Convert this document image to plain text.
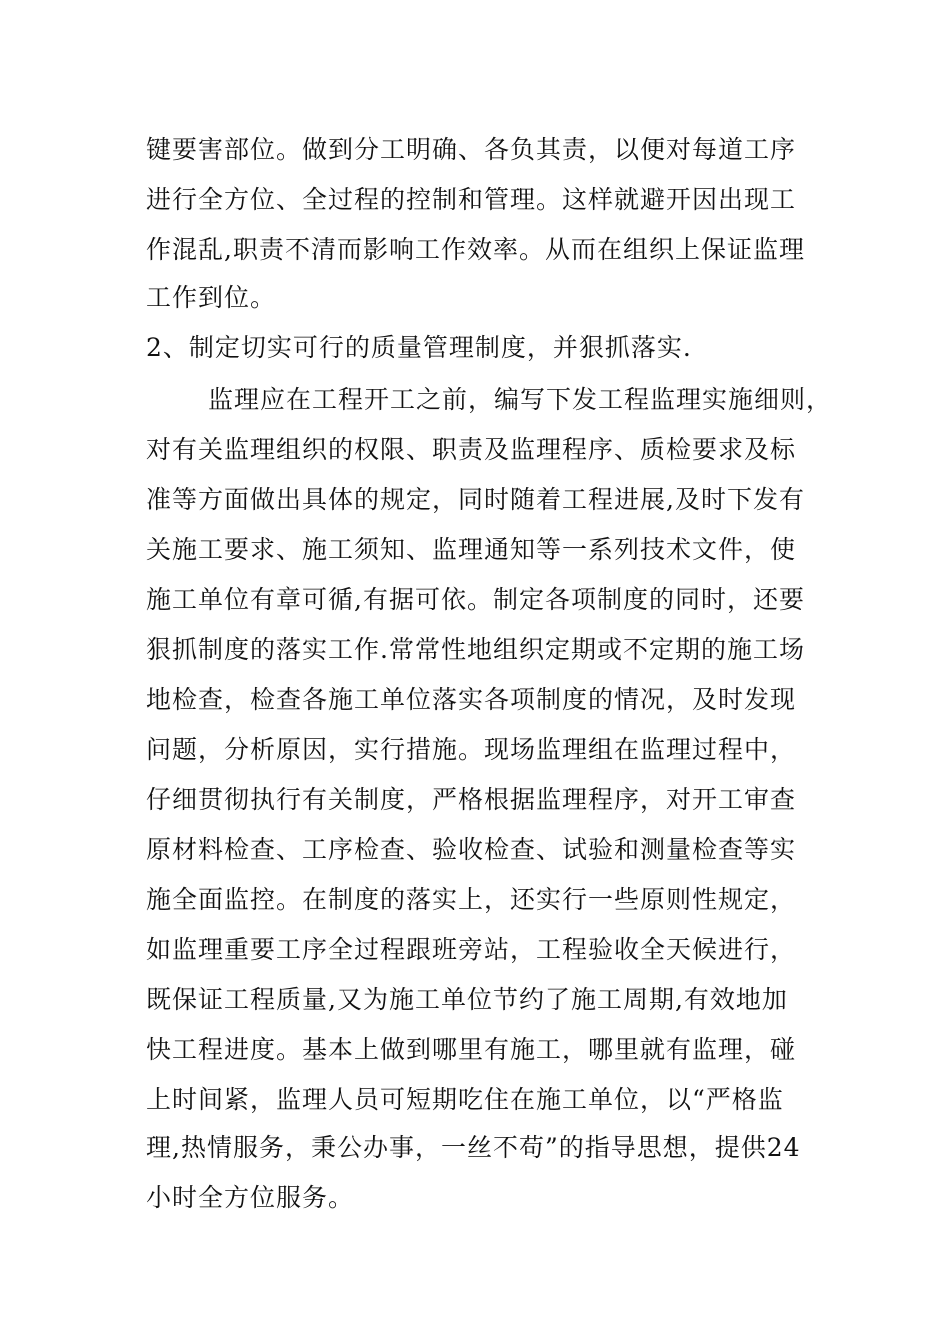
键要害部位。做到分工明确、各负其责，以便对每道工序
进行全方位、全过程的控制和管理。这样就避开因出现工
作混乱,职责不清而影响工作效率。从而在组织上保证监理
工作到位。
2、制定切实可行的质量管理制度，并狠抓落实.
监理应在工程开工之前，编写下发工程监理实施细则，
对有关监理组织的权限、职责及监理程序、质检要求及标
准等方面做出具体的规定，同时随着工程进展,及时下发有
关施工要求、施工须知、监理通知等一系列技术文件，使
施工单位有章可循,有据可依。制定各项制度的同时，还要
狠抓制度的落实工作.常常性地组织定期或不定期的施工场
地检查，检查各施工单位落实各项制度的情况，及时发现
问题，分析原因，实行措施。现场监理组在监理过程中，
仔细贯彻执行有关制度，严格根据监理程序，对开工审查
原材料检查、工序检查、验收检查、试验和测量检查等实
施全面监控。在制度的落实上，还实行一些原则性规定，
如监理重要工序全过程跟班旁站，工程验收全天候进行，
既保证工程质量,又为施工单位节约了施工周期,有效地加
快工程进度。基本上做到哪里有施工，哪里就有监理，碰
上时间紧，监理人员可短期吃住在施工单位，以“严格监
理,热情服务，秉公办事，一丝不苟”的指导思想，提供24
小时全方位服务。
